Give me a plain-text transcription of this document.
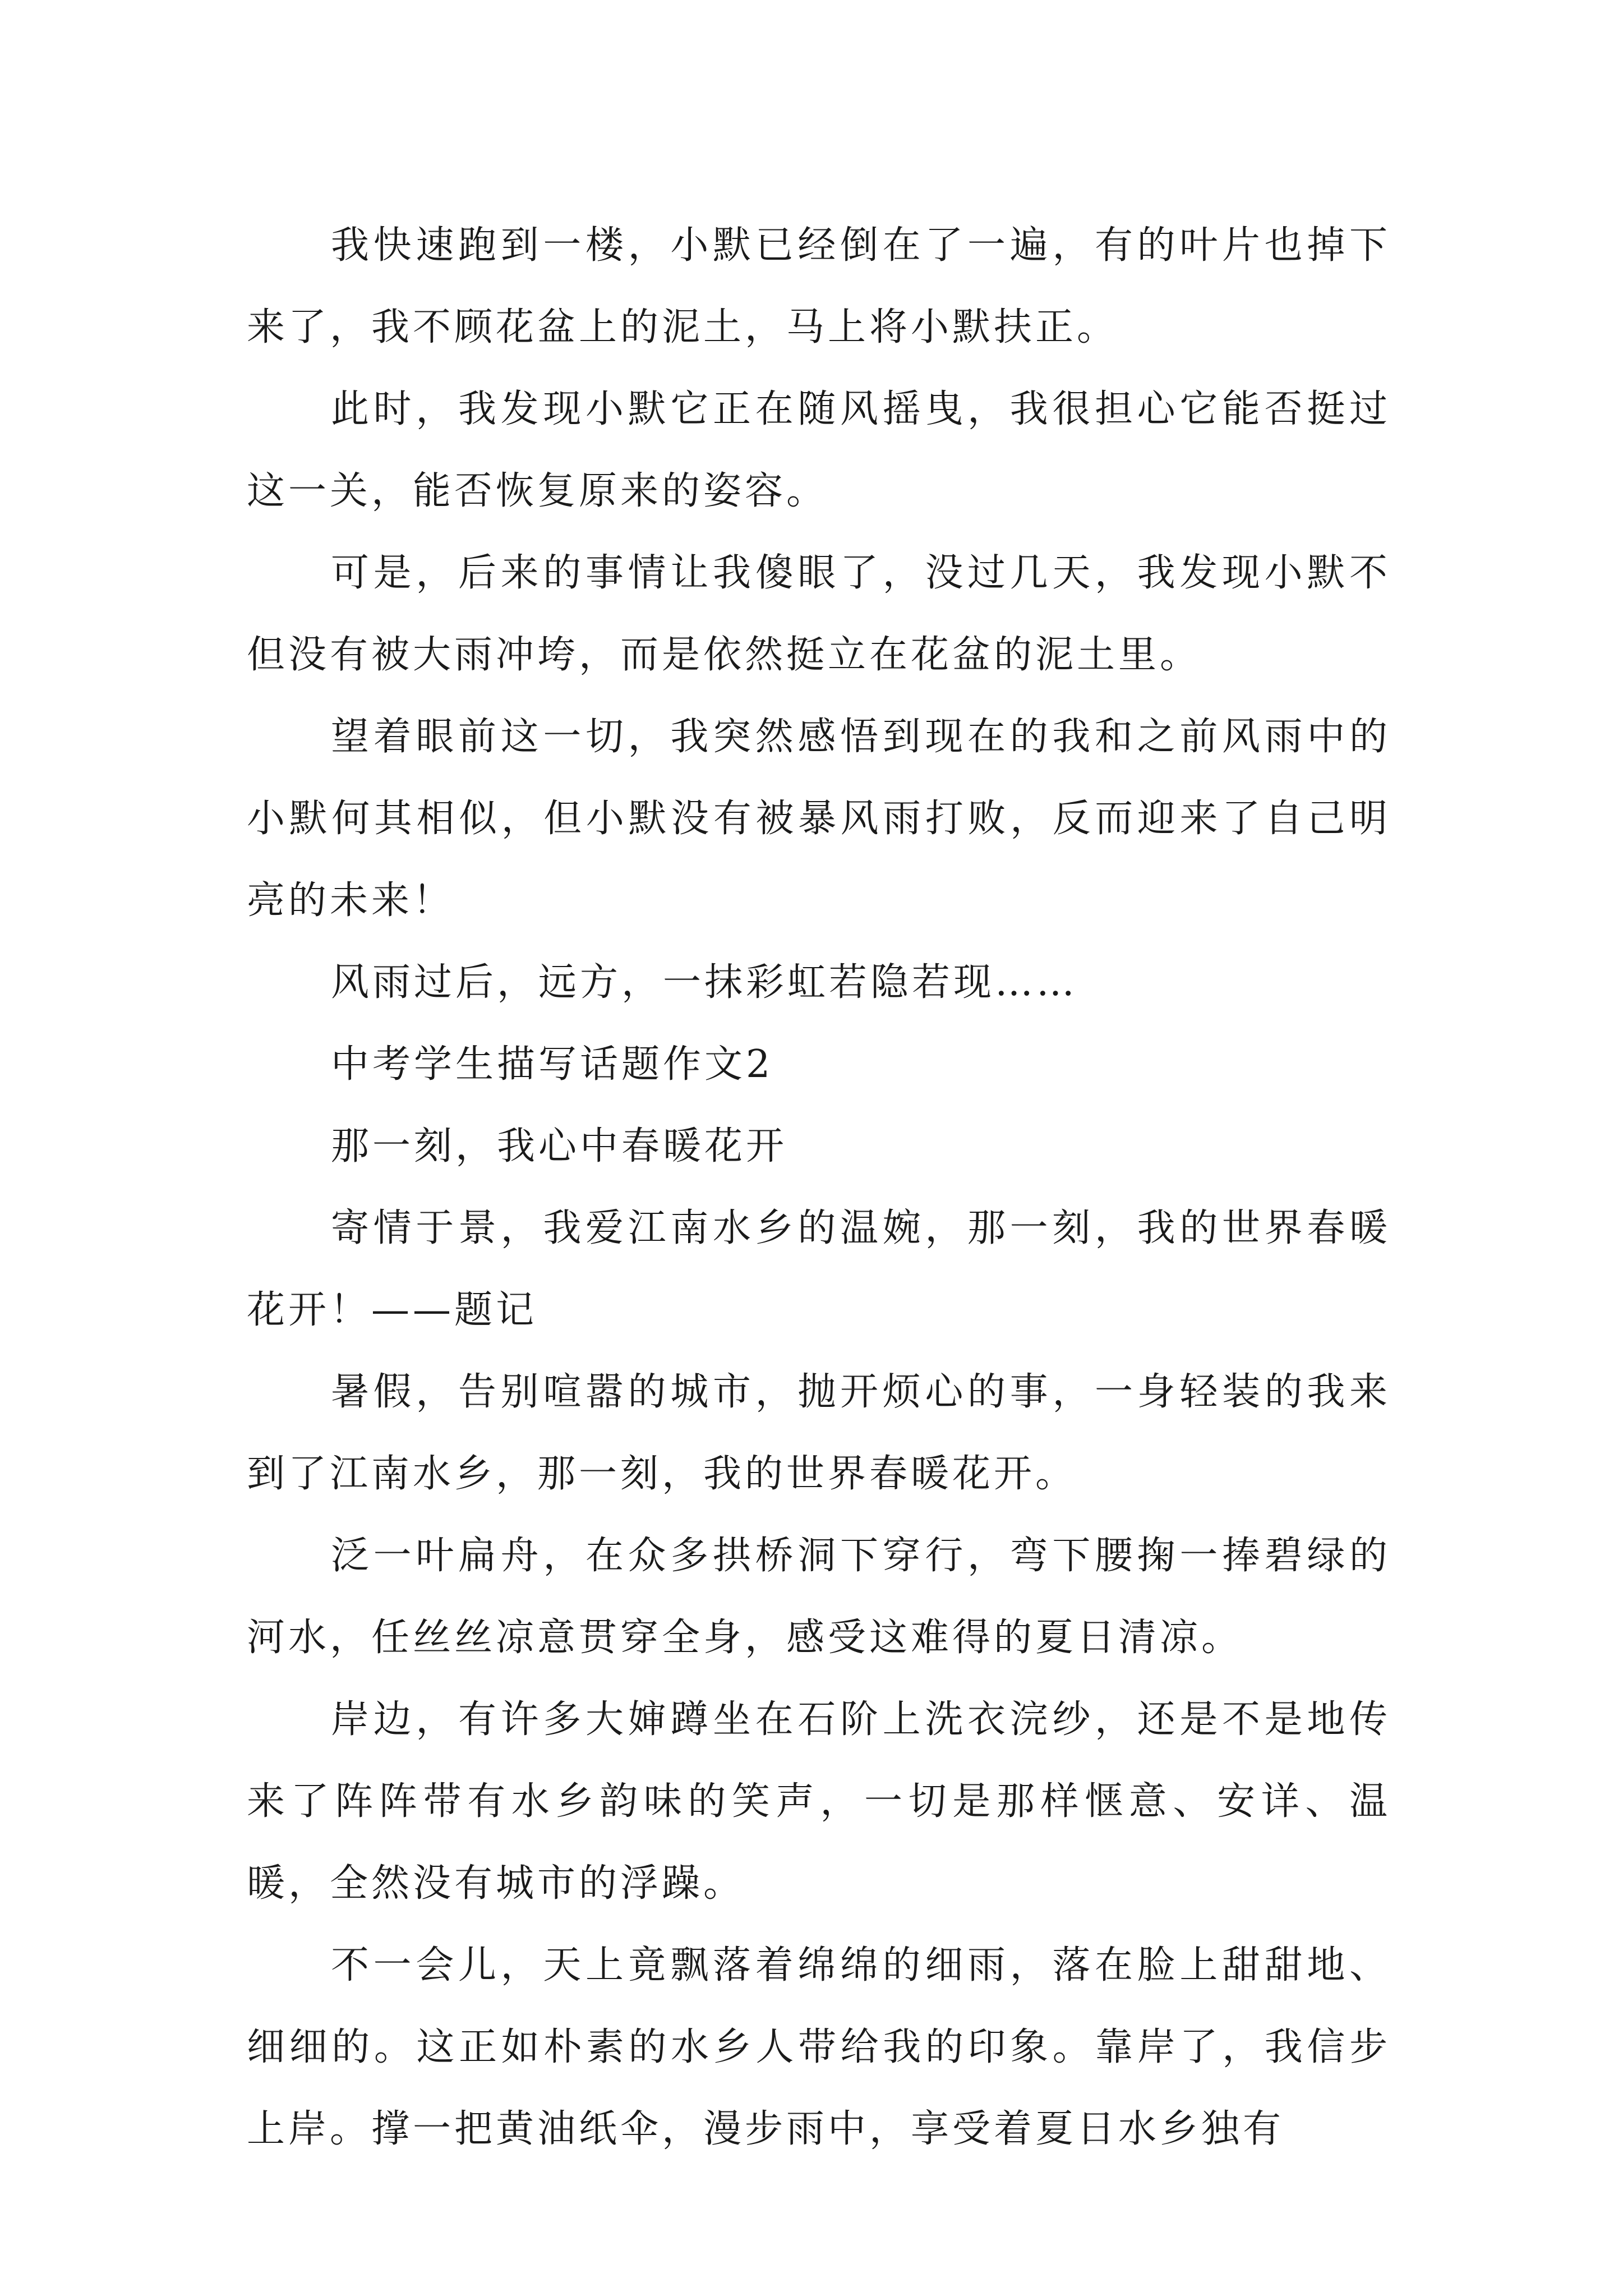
我快速跑到一楼，小默已经倒在了一遍，有的叶片也掉下来了，我不顾花盆上的泥土，马上将小默扶正。

此时，我发现小默它正在随风摇曳，我很担心它能否挺过这一关，能否恢复原来的姿容。

可是，后来的事情让我傻眼了，没过几天，我发现小默不但没有被大雨冲垮，而是依然挺立在花盆的泥土里。

望着眼前这一切，我突然感悟到现在的我和之前风雨中的小默何其相似，但小默没有被暴风雨打败，反而迎来了自己明亮的未来！

风雨过后，远方，一抹彩虹若隐若现……

中考学生描写话题作文2

那一刻，我心中春暖花开

寄情于景，我爱江南水乡的温婉，那一刻，我的世界春暖花开！——题记

暑假，告别喧嚣的城市，抛开烦心的事，一身轻装的我来到了江南水乡，那一刻，我的世界春暖花开。

泛一叶扁舟，在众多拱桥洞下穿行，弯下腰掬一捧碧绿的河水，任丝丝凉意贯穿全身，感受这难得的夏日清凉。

岸边，有许多大婶蹲坐在石阶上洗衣浣纱，还是不是地传来了阵阵带有水乡韵味的笑声，一切是那样惬意、安详、温暖，全然没有城市的浮躁。

不一会儿，天上竟飘落着绵绵的细雨，落在脸上甜甜地、细细的。这正如朴素的水乡人带给我的印象。靠岸了，我信步上岸。撑一把黄油纸伞，漫步雨中，享受着夏日水乡独有
